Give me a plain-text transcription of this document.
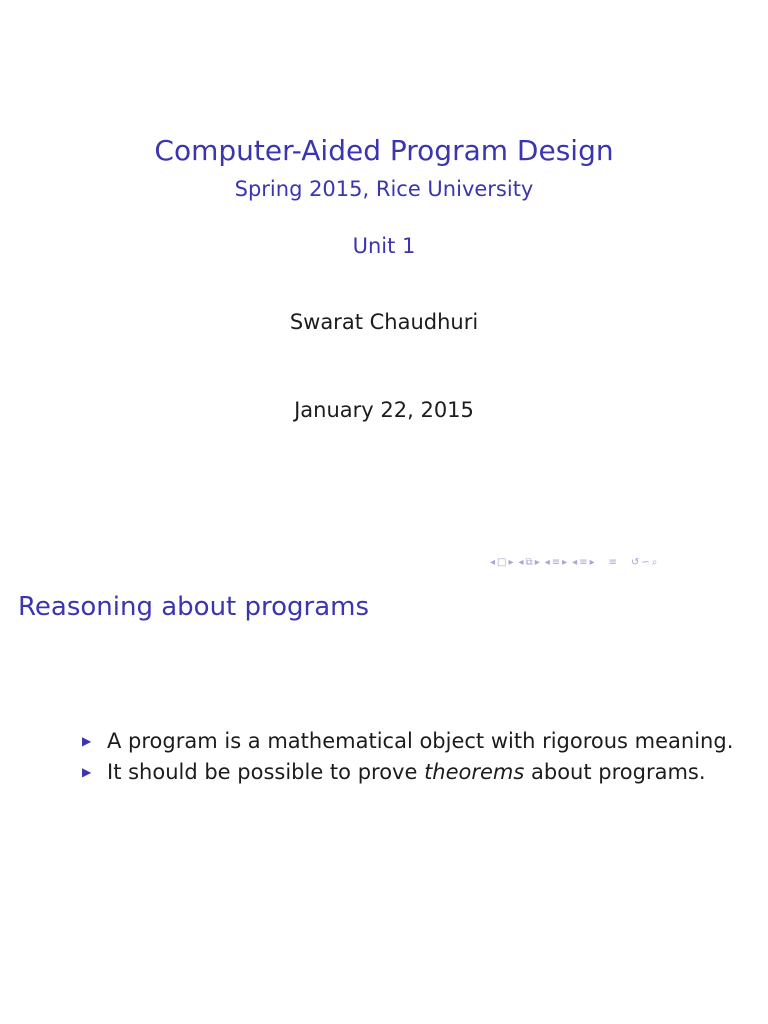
Computer-Aided Program Design
Spring 2015, Rice University
Unit 1
Swarat Chaudhuri
January 22, 2015
◂ □ ▸ ◂ ⧉ ▸ ◂ ≡ ▸ ◂ ≡ ▸ ≡ ↺ ∽ ⌕
Reasoning about programs
▶ A program is a mathematical object with rigorous meaning.
▶ It should be possible to prove theorems about programs.
